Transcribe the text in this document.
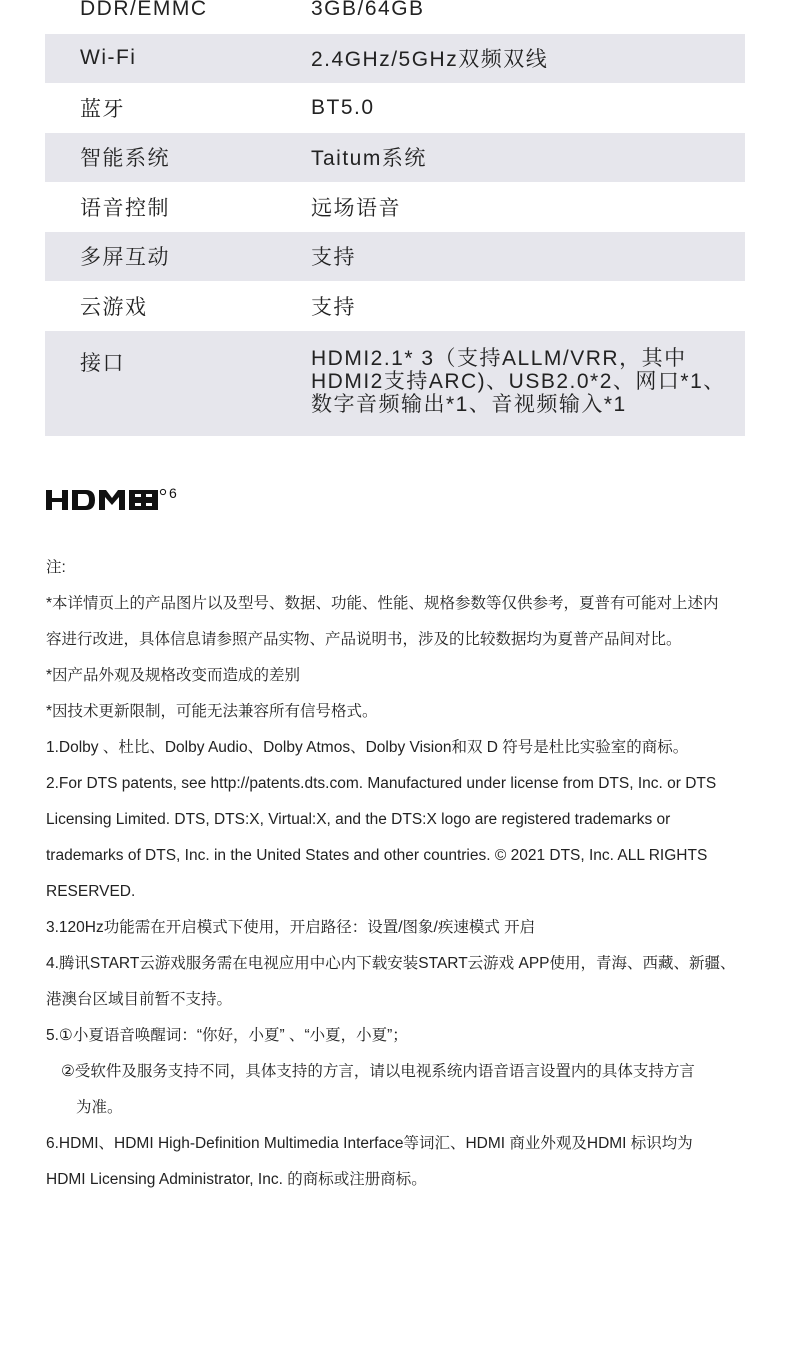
DDR/EMMC	3GB/64GB
Wi-Fi	2.4GHz/5GHz双频双线
蓝牙	BT5.0
智能系统	Taitum系统
语音控制	远场语音
多屏互动	支持
云游戏	支持
接口	HDMI2.1* 3（支持ALLM/VRR，其中
HDMI2支持ARC)、USB2.0*2、网口*1、
数字音频输出*1、音视频输入*1
6

注:

*本详情页上的产品图片以及型号、数据、功能、性能、规格参数等仅供参考，夏普有可能对上述内

容进行改进，具体信息请参照产品实物、产品说明书，涉及的比较数据均为夏普产品间对比。

*因产品外观及规格改变而造成的差别

*因技术更新限制，可能无法兼容所有信号格式。

1.Dolby 、杜比、Dolby Audio、Dolby Atmos、Dolby Vision和双 D 符号是杜比实验室的商标。

2.For DTS patents, see http://patents.dts.com. Manufactured under license from DTS, Inc. or DTS

Licensing Limited. DTS, DTS:X, Virtual:X, and the DTS:X logo are registered trademarks or

trademarks of DTS, Inc. in the United States and other countries. © 2021 DTS, Inc. ALL RIGHTS

RESERVED.

3.120Hz功能需在开启模式下使用，开启路径：设置/图象/疾速模式 开启

4.腾讯START云游戏服务需在电视应用中心内下载安装START云游戏 APP使用，青海、西藏、新疆、

港澳台区域目前暂不支持。

5.①小夏语音唤醒词：“你好，小夏” 、“小夏，小夏”；

②受软件及服务支持不同，具体支持的方言，请以电视系统内语音语言设置内的具体支持方言

为准。

6.HDMI、HDMI High-Definition Multimedia Interface等词汇、HDMI 商业外观及HDMI 标识均为

HDMI Licensing Administrator, Inc. 的商标或注册商标。
